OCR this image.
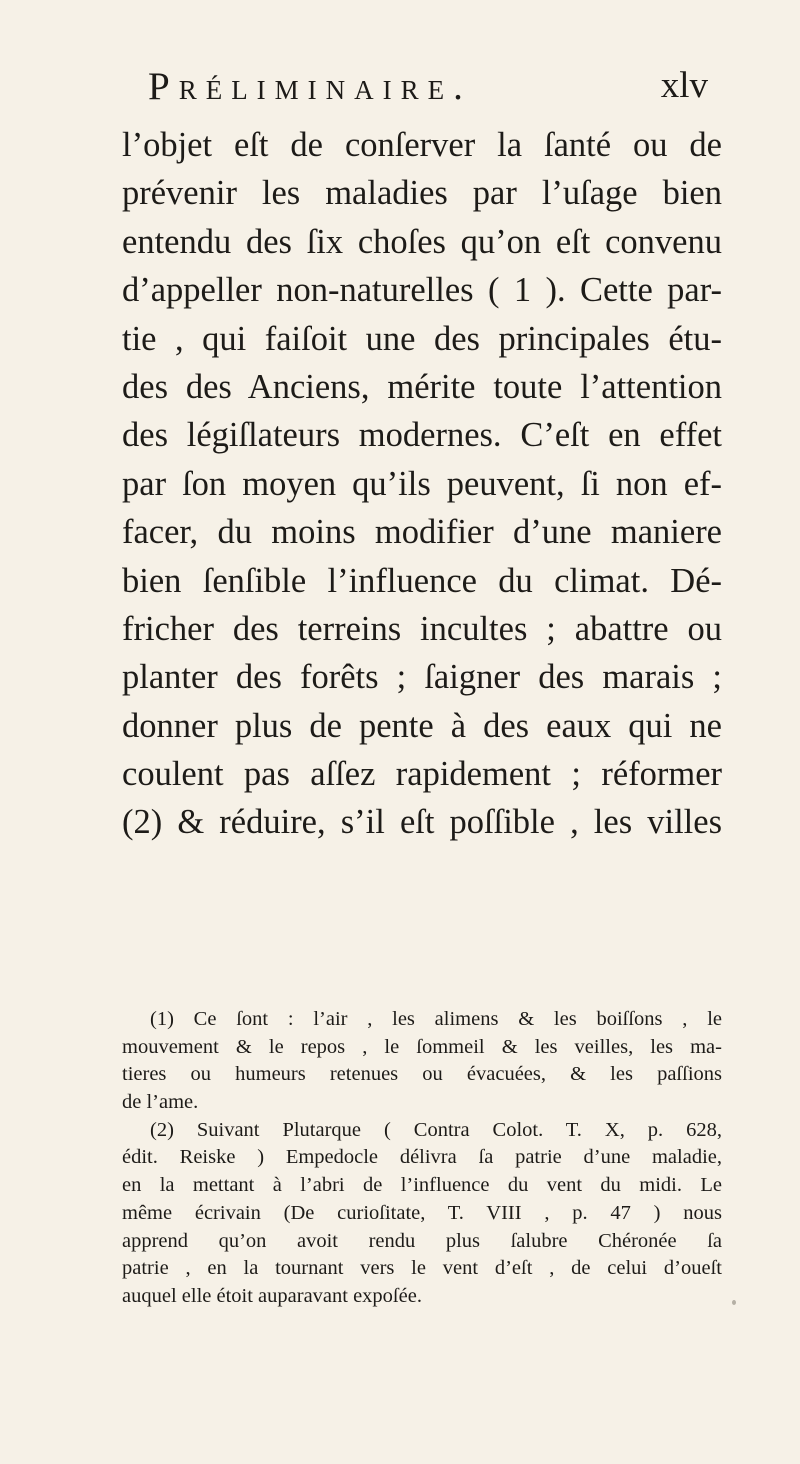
Préliminaire.	xlv
l’objet eſt de conſerver la ſanté ou de
prévenir les maladies par l’uſage bien
entendu des ſix choſes qu’on eſt convenu
d’appeller non-naturelles ( 1 ). Cette par-
tie , qui faiſoit une des principales étu-
des des Anciens, mérite toute l’attention
des légiſlateurs modernes. C’eſt en effet
par ſon moyen qu’ils peuvent, ſi non ef-
facer, du moins modifier d’une maniere
bien ſenſible l’influence du climat. Dé-
fricher des terreins incultes ; abattre ou
planter des forêts ; ſaigner des marais ;
donner plus de pente à des eaux qui ne
coulent pas aſſez rapidement ; réformer
(2) & réduire, s’il eſt poſſible , les villes
(1) Ce ſont : l’air , les alimens & les boiſſons , le
mouvement & le repos , le ſommeil & les veilles, les ma-
tieres ou humeurs retenues ou évacuées, & les paſſions
de l’ame.
(2) Suivant Plutarque ( Contra Colot. T. X, p. 628,
édit. Reiske ) Empedocle délivra ſa patrie d’une maladie,
en la mettant à l’abri de l’influence du vent du midi. Le
même écrivain (De curioſitate, T. VIII , p. 47 ) nous
apprend qu’on avoit rendu plus ſalubre Chéronée ſa
patrie , en la tournant vers le vent d’eſt , de celui d’oueſt
auquel elle étoit auparavant expoſée.
